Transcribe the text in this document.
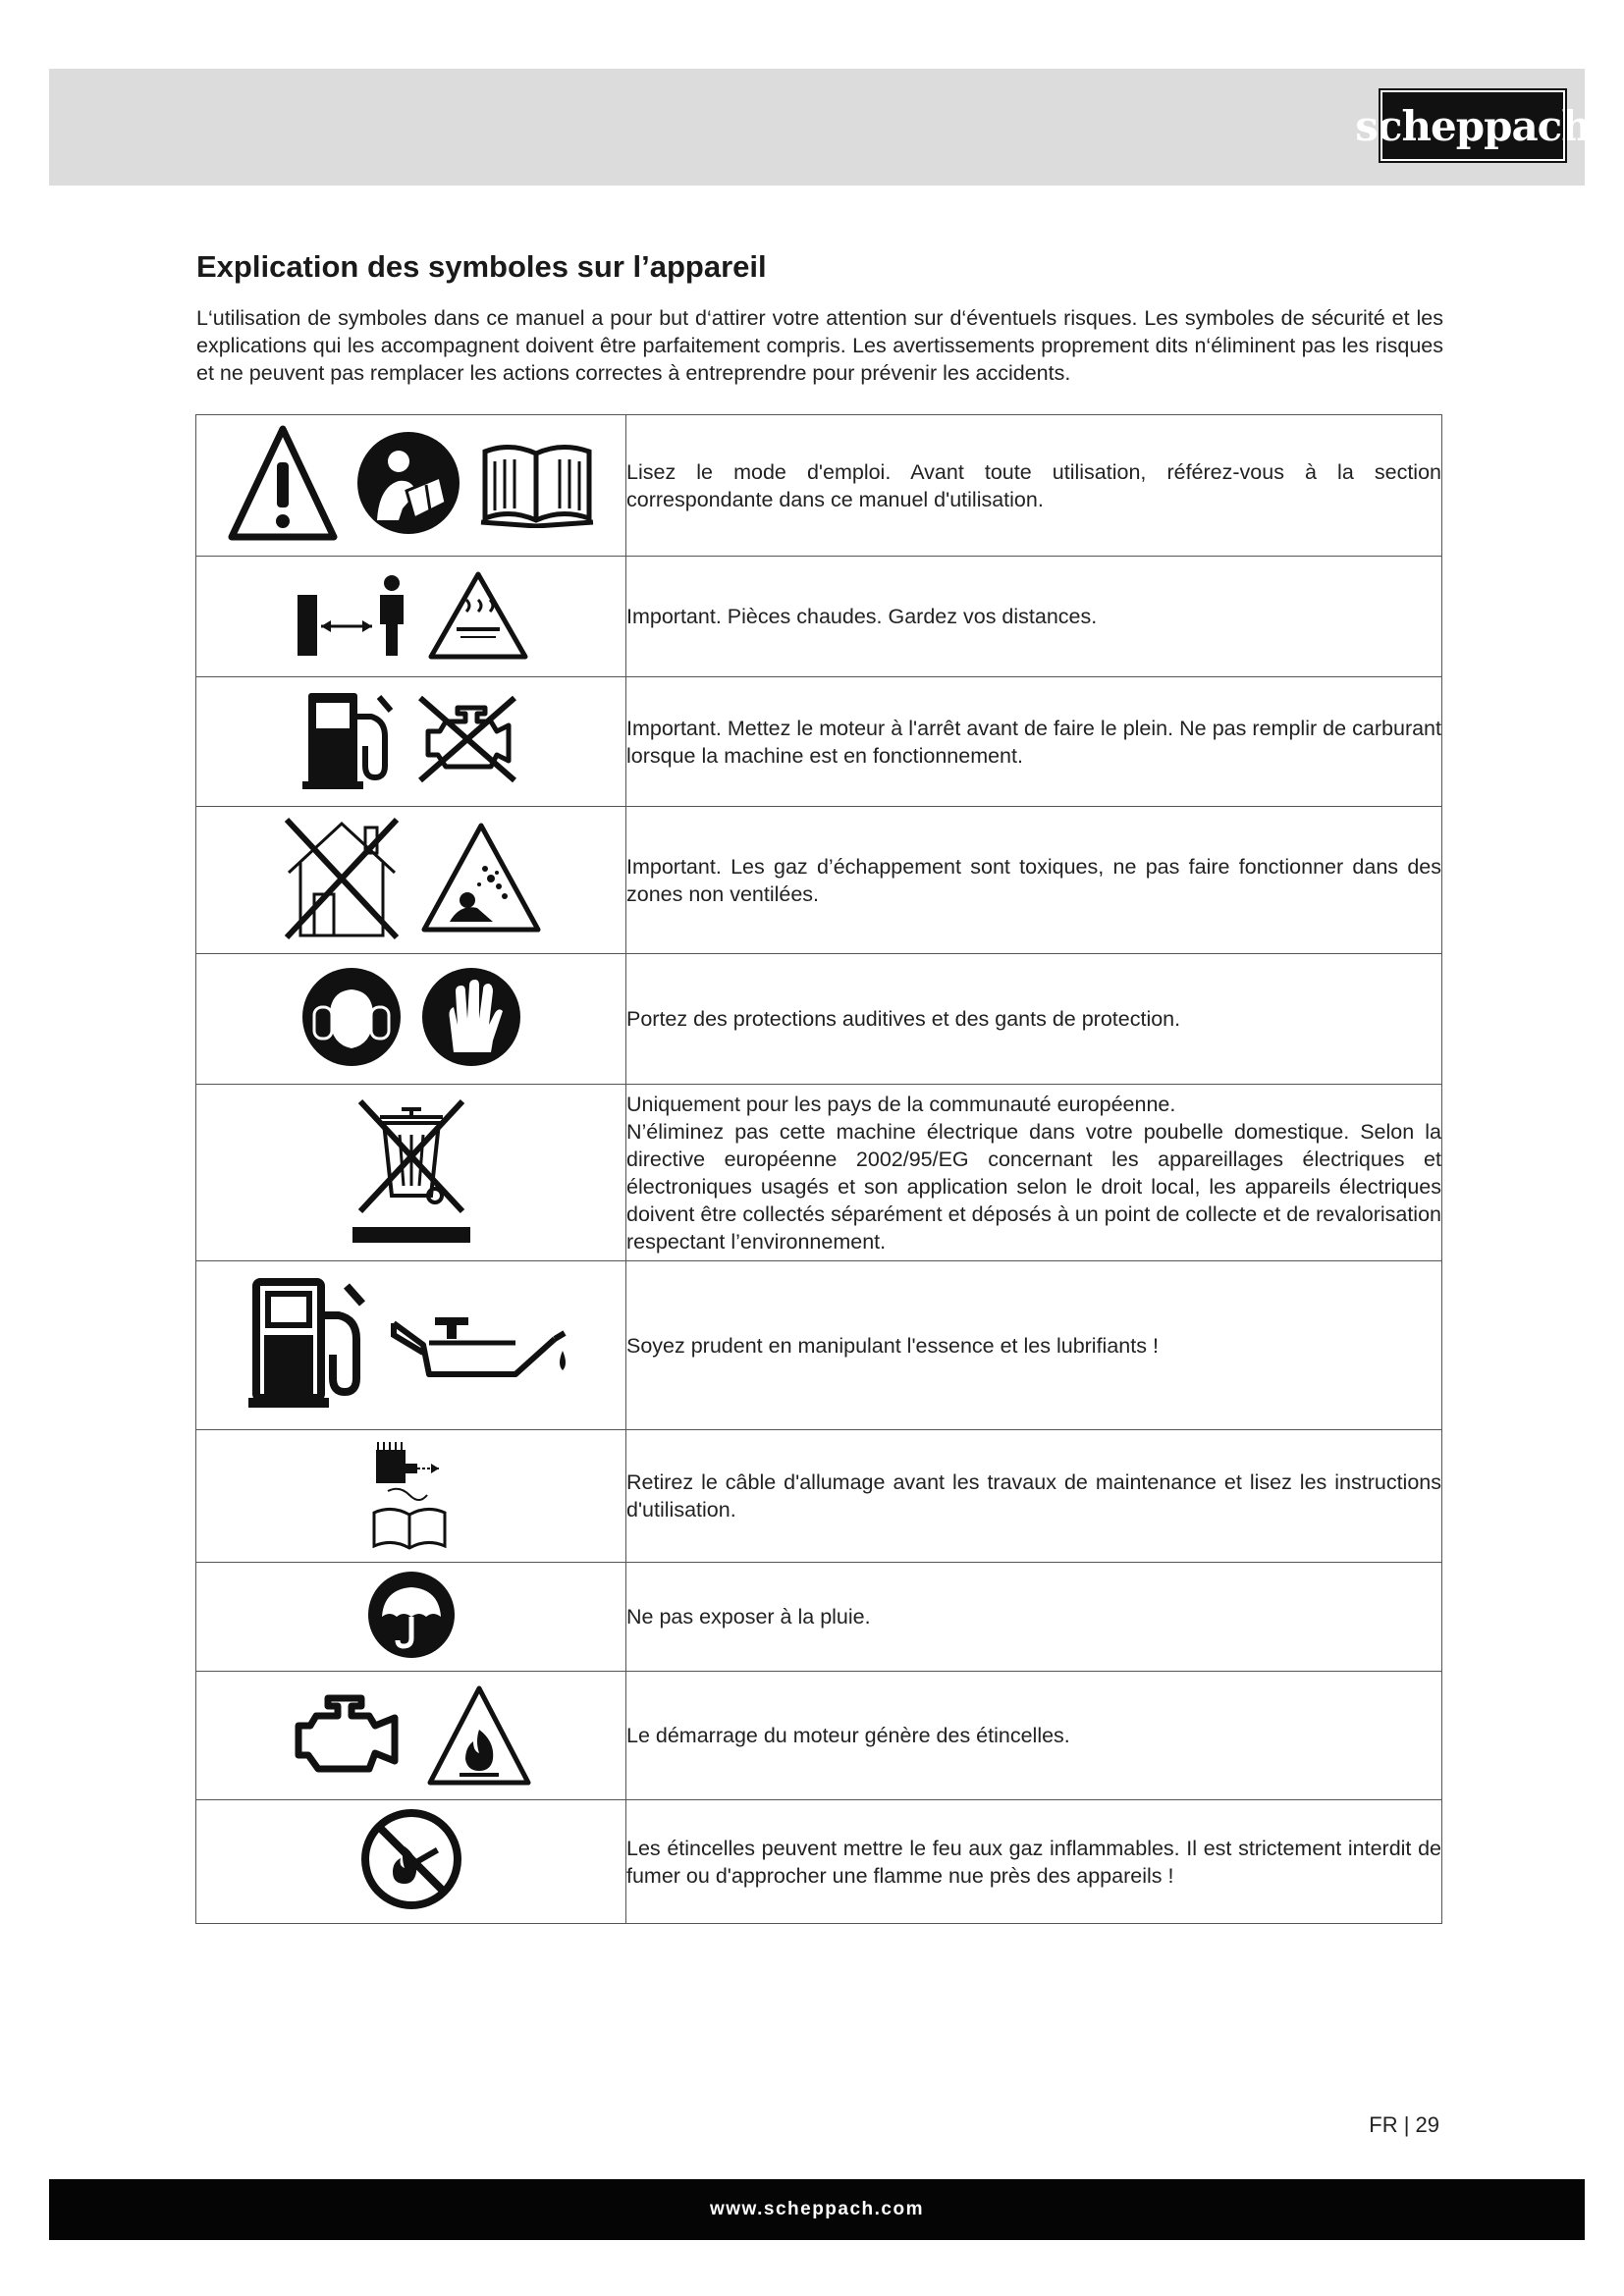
scheppach
Explication des symboles sur l’appareil
L‘utilisation de symboles dans ce manuel a pour but d‘attirer votre attention sur d‘éventuels risques. Les symboles de sécurité et les explications qui les accompagnent doivent être parfaitement compris. Les avertissements proprement dits n‘éliminent pas les risques et ne peuvent pas remplacer les actions correctes à entreprendre pour prévenir les accidents.
	Lisez le mode d'emploi. Avant toute utilisation, référez-vous à la section correspondante dans ce manuel d'utilisation.

	Important. Pièces chaudes. Gardez vos distances.

	Important. Mettez le moteur à l'arrêt avant de faire le plein. Ne pas remplir de carburant lorsque la machine est en fonctionnement.

	Important. Les gaz d’échappement sont toxiques, ne pas faire fonctionner dans des zones non ventilées.

	Portez des protections auditives et des gants de protection.

Uniquement pour les pays de la communauté européenne.
N’éliminez pas cette machine électrique dans votre poubelle domestique. Selon la directive européenne 2002/95/EG concernant les appareillages électriques et électroniques usagés et son application selon le droit local, les appareils électriques doivent être collectés séparément et déposés à un point de collecte et de revalorisation respectant l’environnement.

	Soyez prudent en manipulant l'essence et les lubrifiants !

	Retirez le câble d'allumage avant les travaux de maintenance et lisez les instructions d'utilisation.

	Ne pas exposer à la pluie.

	Le démarrage du moteur génère des étincelles.

	Les étincelles peuvent mettre le feu aux gaz inflammables. Il est strictement interdit de fumer ou d'approcher une flamme nue près des appareils !
FR | 29
www.scheppach.com
